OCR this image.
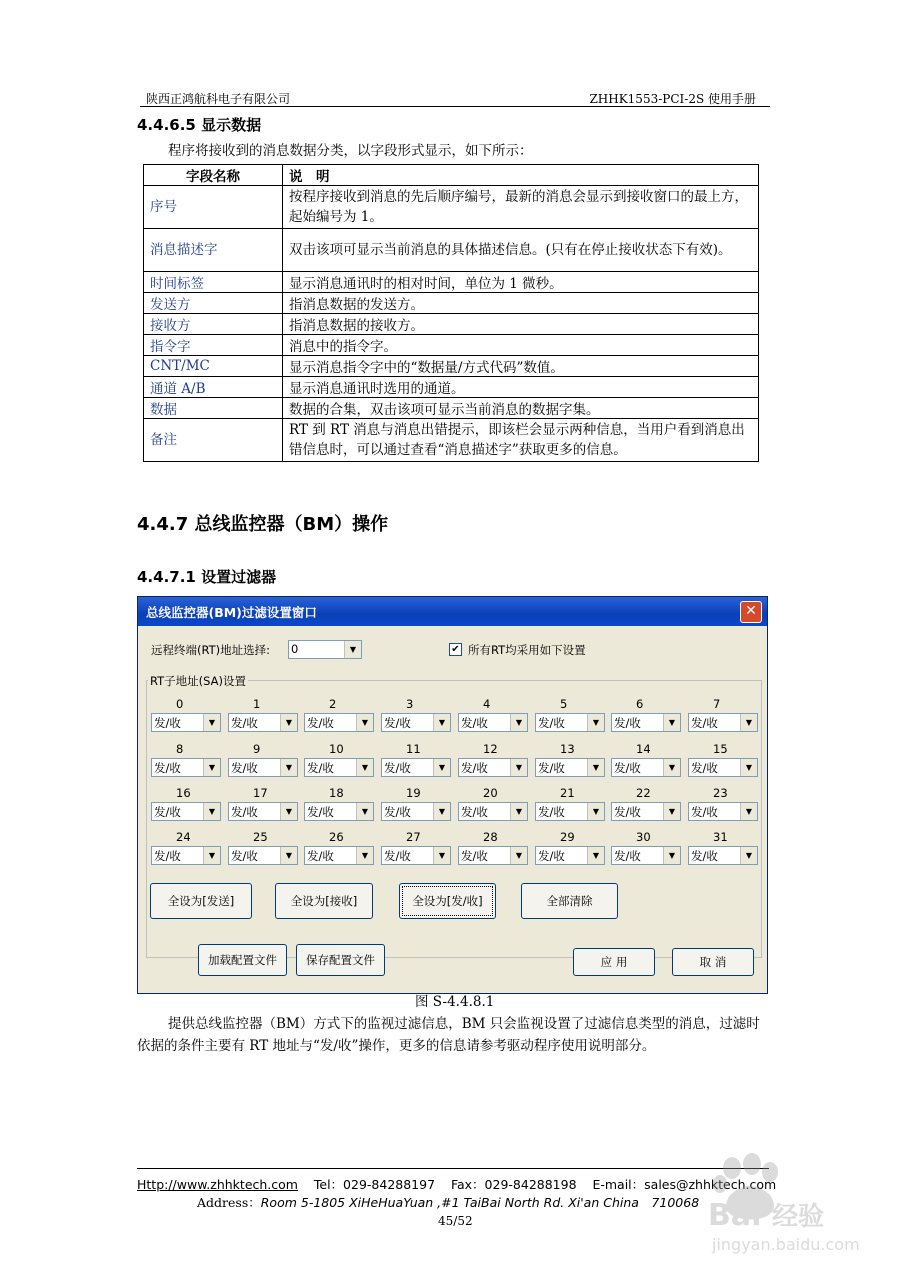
陕西正鸿航科电子有限公司	ZHHK1553-PCI-2S 使用手册
4.4.6.5 显示数据
程序将接收到的消息数据分类，以字段形式显示，如下所示：
字段名称	说　明
序号	按程序接收到消息的先后顺序编号，最新的消息会显示到接收窗口的最上方，起始编号为 1。
消息描述字	双击该项可显示当前消息的具体描述信息。(只有在停止接收状态下有效)。
时间标签	显示消息通讯时的相对时间，单位为 1 微秒。
发送方	指消息数据的发送方。
接收方	指消息数据的接收方。
指令字	消息中的指令字。
CNT/MC	显示消息指令字中的“数据量/方式代码”数值。
通道 A/B	显示消息通讯时选用的通道。
数据	数据的合集，双击该项可显示当前消息的数据字集。
备注	RT 到 RT 消息与消息出错提示，即该栏会显示两种信息，当用户看到消息出错信息时，可以通过查看“消息描述字”获取更多的信息。
4.4.7 总线监控器（BM）操作
4.4.7.1 设置过滤器
总线监控器(BM)过滤设置窗口	✕
远程终端(RT)地址选择: 0	▼	✔ 所有RT均采用如下设置
RT子地址(SA)设置
0
发/收	▼
1
发/收	▼
2
发/收	▼
3
发/收	▼
4
发/收	▼
5
发/收	▼
6
发/收	▼
7
发/收	▼
8
发/收	▼
9
发/收	▼
10
发/收	▼
11
发/收	▼
12
发/收	▼
13
发/收	▼
14
发/收	▼
15
发/收	▼
16
发/收	▼
17
发/收	▼
18
发/收	▼
19
发/收	▼
20
发/收	▼
21
发/收	▼
22
发/收	▼
23
发/收	▼
24
发/收	▼
25
发/收	▼
26
发/收	▼
27
发/收	▼
28
发/收	▼
29
发/收	▼
30
发/收	▼
31
发/收	▼
全设为[发送]	全设为[接收]	全设为[发/收]	全部清除
加载配置文件	保存配置文件	应 用	取 消
图 S-4.4.8.1
提供总线监控器（BM）方式下的监视过滤信息，BM 只会监视设置了过滤信息类型的消息，过滤时依据的条件主要有 RT 地址与“发/收”操作，更多的信息请参考驱动程序使用说明部分。
Http://www.zhhktech.com Tel：029-84288197 Fax：029-84288198 E-mail：sales@zhhktech.com
Address：Room 5-1805 XiHeHuaYuan ,#1 TaiBai North Rd. Xi'an China　710068
45/52	Bai 经验
jingyan.baidu.com
